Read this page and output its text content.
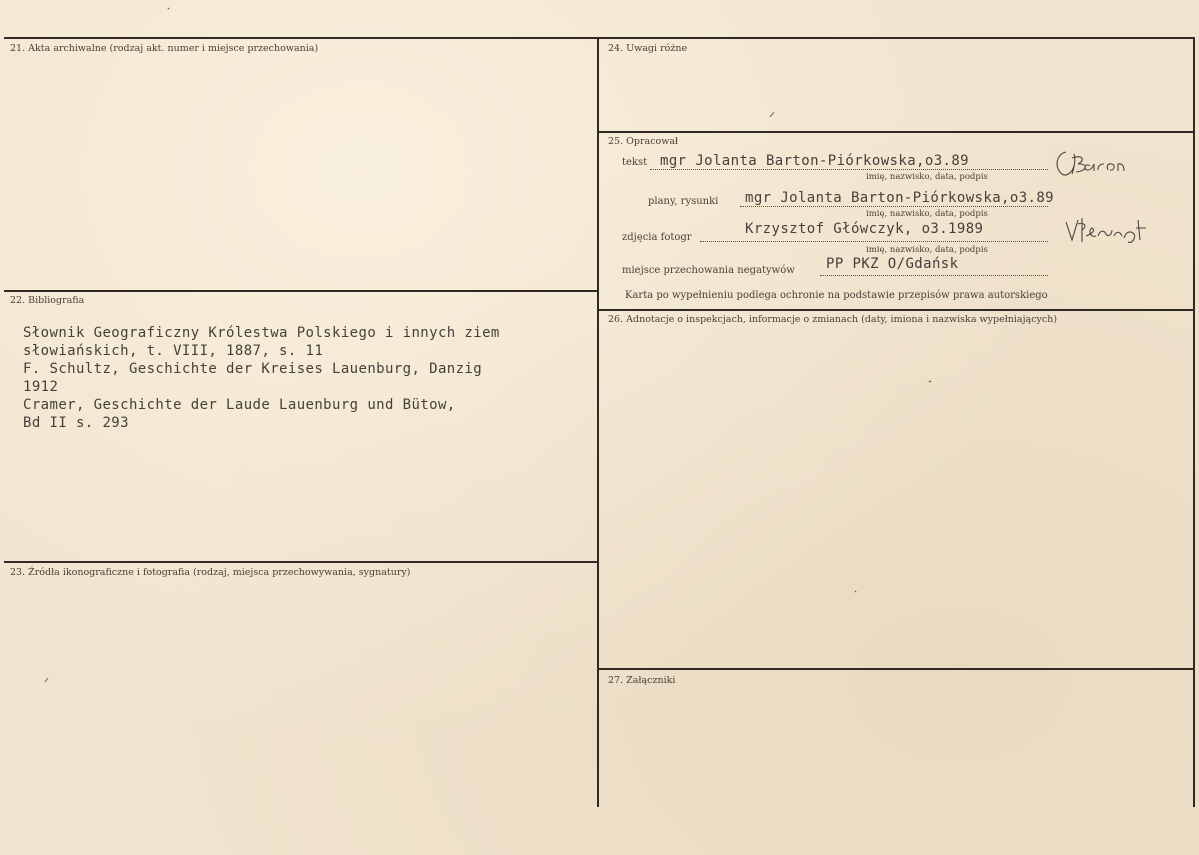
21. Akta archiwalne (rodzaj akt. numer i miejsce przechowania)
22. Bibliografia
23. Źródła ikonograficzne i fotografia (rodzaj, miejsca przechowywania, sygnatury)
24. Uwagi różne
25. Opracował
26. Adnotacje o inspekcjach, informacje o zmianach (daty, imiona i nazwiska wypełniających)
27. Załączniki
Słownik Geograficzny Królestwa Polskiego i innych ziem
słowiańskich, t. VIII, 1887, s. 11
F. Schultz, Geschichte der Kreises Lauenburg, Danzig
1912
Cramer, Geschichte der Laude Lauenburg und Bütow,
Bd II s. 293
tekst mgr Jolanta Barton-Piórkowska,o3.89
imię, nazwisko, data, podpis
plany, rysunki mgr Jolanta Barton-Piórkowska,o3.89
imię, nazwisko, data, podpis
zdjęcia fotogr
Krzysztof Główczyk, o3.1989
imię, nazwisko, data, podpis
miejsce przechowania negatywów PP PKZ O/Gdańsk
Karta po wypełnieniu podlega ochronie na podstawie przepisów prawa autorskiego
